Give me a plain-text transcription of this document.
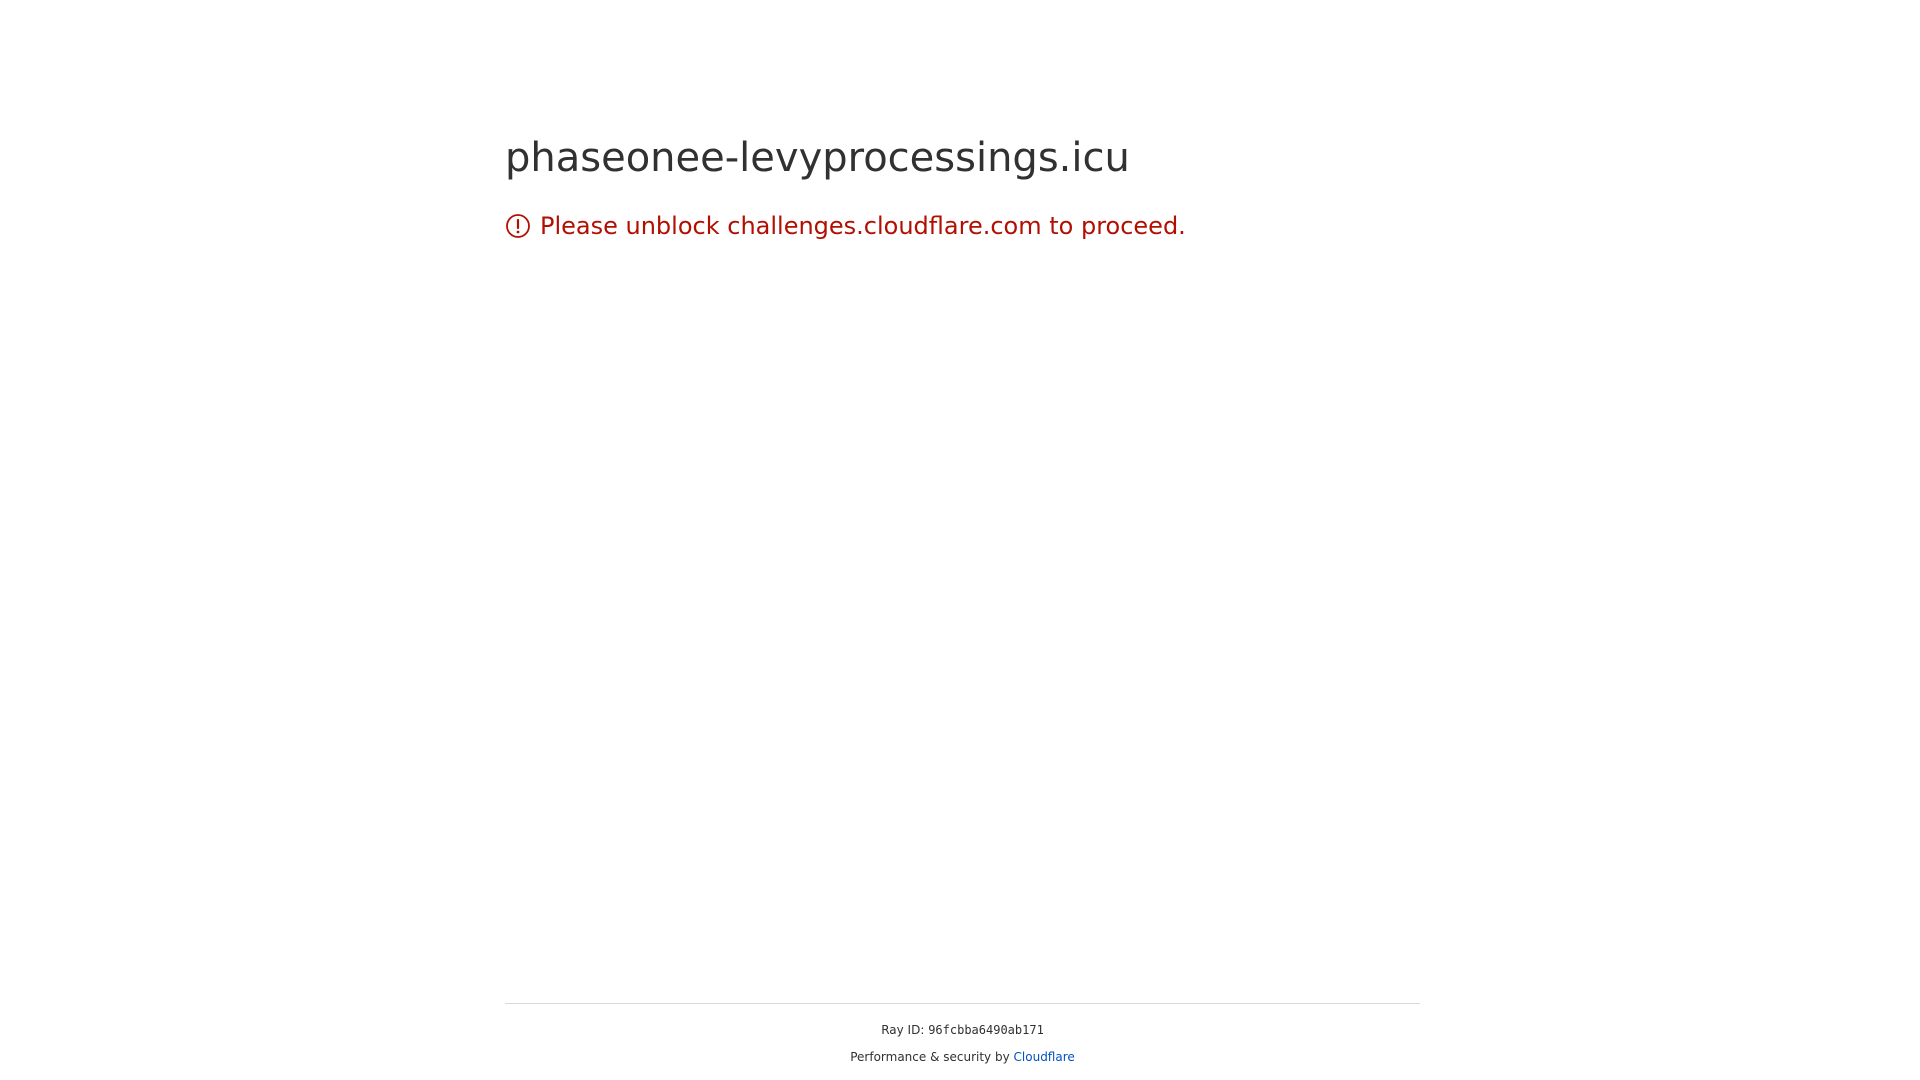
phaseonee-levyprocessings.icu
Please unblock challenges.cloudflare.com to proceed.
Ray ID: 96fcbba6490ab171
Performance & security by Cloudflare
